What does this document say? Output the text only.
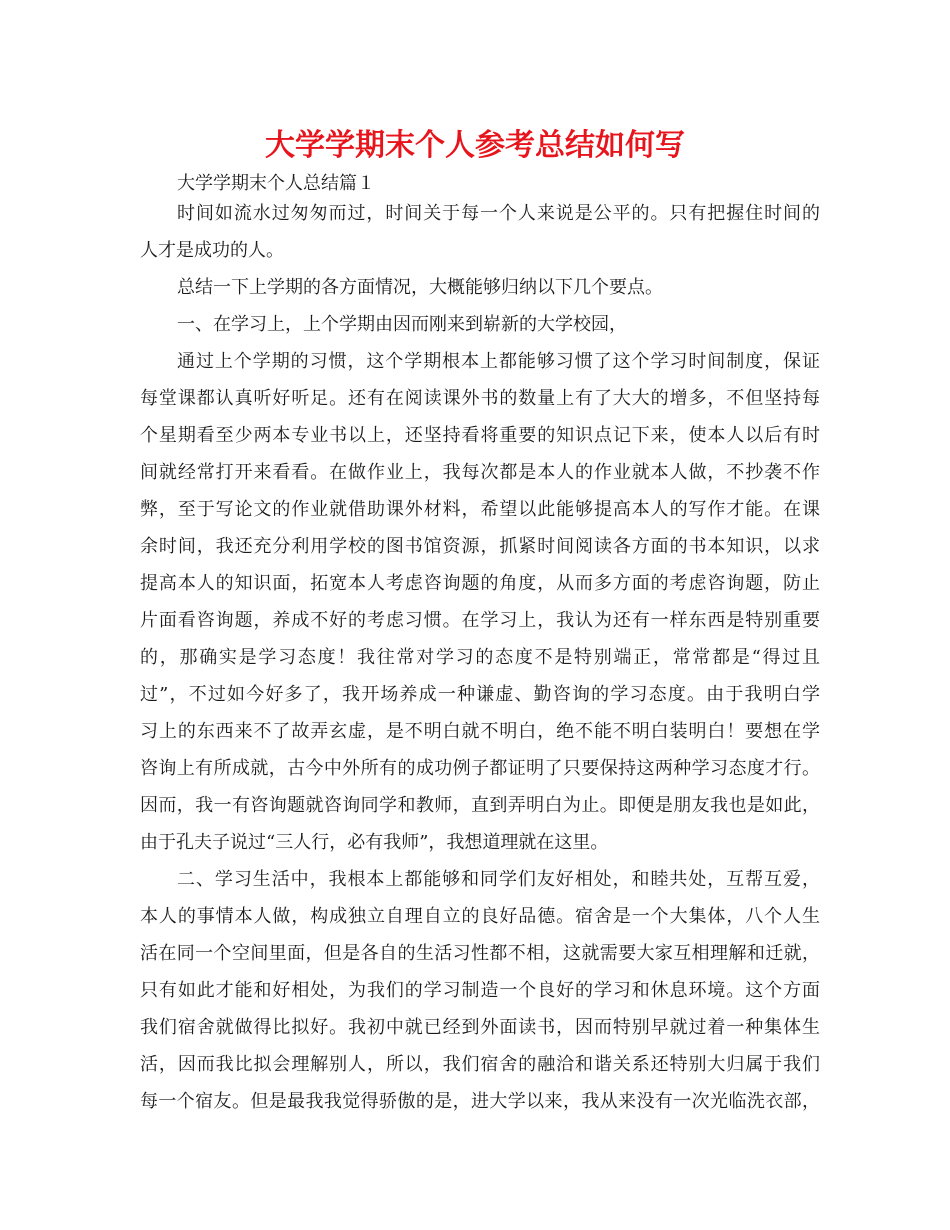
大学学期末个人参考总结如何写
大学学期末个人总结篇１
时间如流水过匆匆而过，时间关于每一个人来说是公平的。只有把握住时间的
人才是成功的人。
总结一下上学期的各方面情况，大概能够归纳以下几个要点。
一、在学习上，上个学期由因而刚来到崭新的大学校园，
通过上个学期的习惯，这个学期根本上都能够习惯了这个学习时间制度，保证
每堂课都认真听好听足。还有在阅读课外书的数量上有了大大的增多，不但坚持每
个星期看至少两本专业书以上，还坚持看将重要的知识点记下来，使本人以后有时
间就经常打开来看看。在做作业上，我每次都是本人的作业就本人做，不抄袭不作
弊，至于写论文的作业就借助课外材料，希望以此能够提高本人的写作才能。在课
余时间，我还充分利用学校的图书馆资源，抓紧时间阅读各方面的书本知识，以求
提高本人的知识面，拓宽本人考虑咨询题的角度，从而多方面的考虑咨询题，防止
片面看咨询题，养成不好的考虑习惯。在学习上，我认为还有一样东西是特别重要
的，那确实是学习态度！我往常对学习的态度不是特别端正，常常都是“得过且
过”，不过如今好多了，我开场养成一种谦虚、勤咨询的学习态度。由于我明白学
习上的东西来不了故弄玄虚，是不明白就不明白，绝不能不明白装明白！要想在学
咨询上有所成就，古今中外所有的成功例子都证明了只要保持这两种学习态度才行。
因而，我一有咨询题就咨询同学和教师，直到弄明白为止。即便是朋友我也是如此，
由于孔夫子说过“三人行，必有我师”，我想道理就在这里。
二、学习生活中，我根本上都能够和同学们友好相处，和睦共处，互帮互爱，
本人的事情本人做，构成独立自理自立的良好品德。宿舍是一个大集体，八个人生
活在同一个空间里面，但是各自的生活习性都不相，这就需要大家互相理解和迁就，
只有如此才能和好相处，为我们的学习制造一个良好的学习和休息环境。这个方面
我们宿舍就做得比拟好。我初中就已经到外面读书，因而特别早就过着一种集体生
活，因而我比拟会理解别人，所以，我们宿舍的融洽和谐关系还特别大归属于我们
每一个宿友。但是最我我觉得骄傲的是，进大学以来，我从来没有一次光临洗衣部，
